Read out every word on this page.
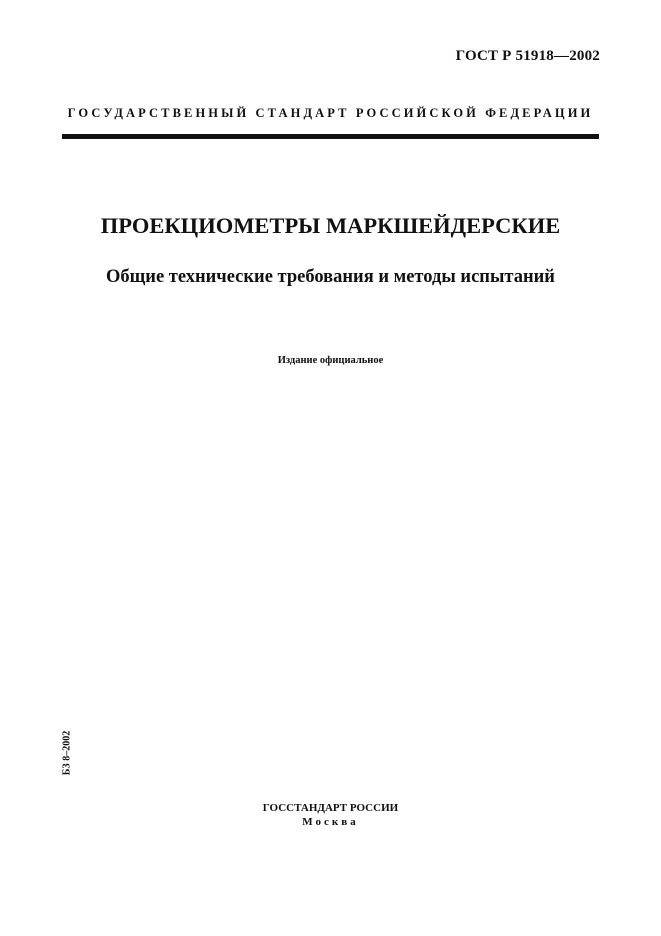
ГОСТ Р 51918—2002
ГОСУДАРСТВЕННЫЙ СТАНДАРТ РОССИЙСКОЙ ФЕДЕРАЦИИ
ПРОЕКЦИОМЕТРЫ МАРКШЕЙДЕРСКИЕ
Общие технические требования и методы испытаний
Издание официальное
БЗ 8–2002
ГОССТАНДАРТ РОССИИ
Москва
